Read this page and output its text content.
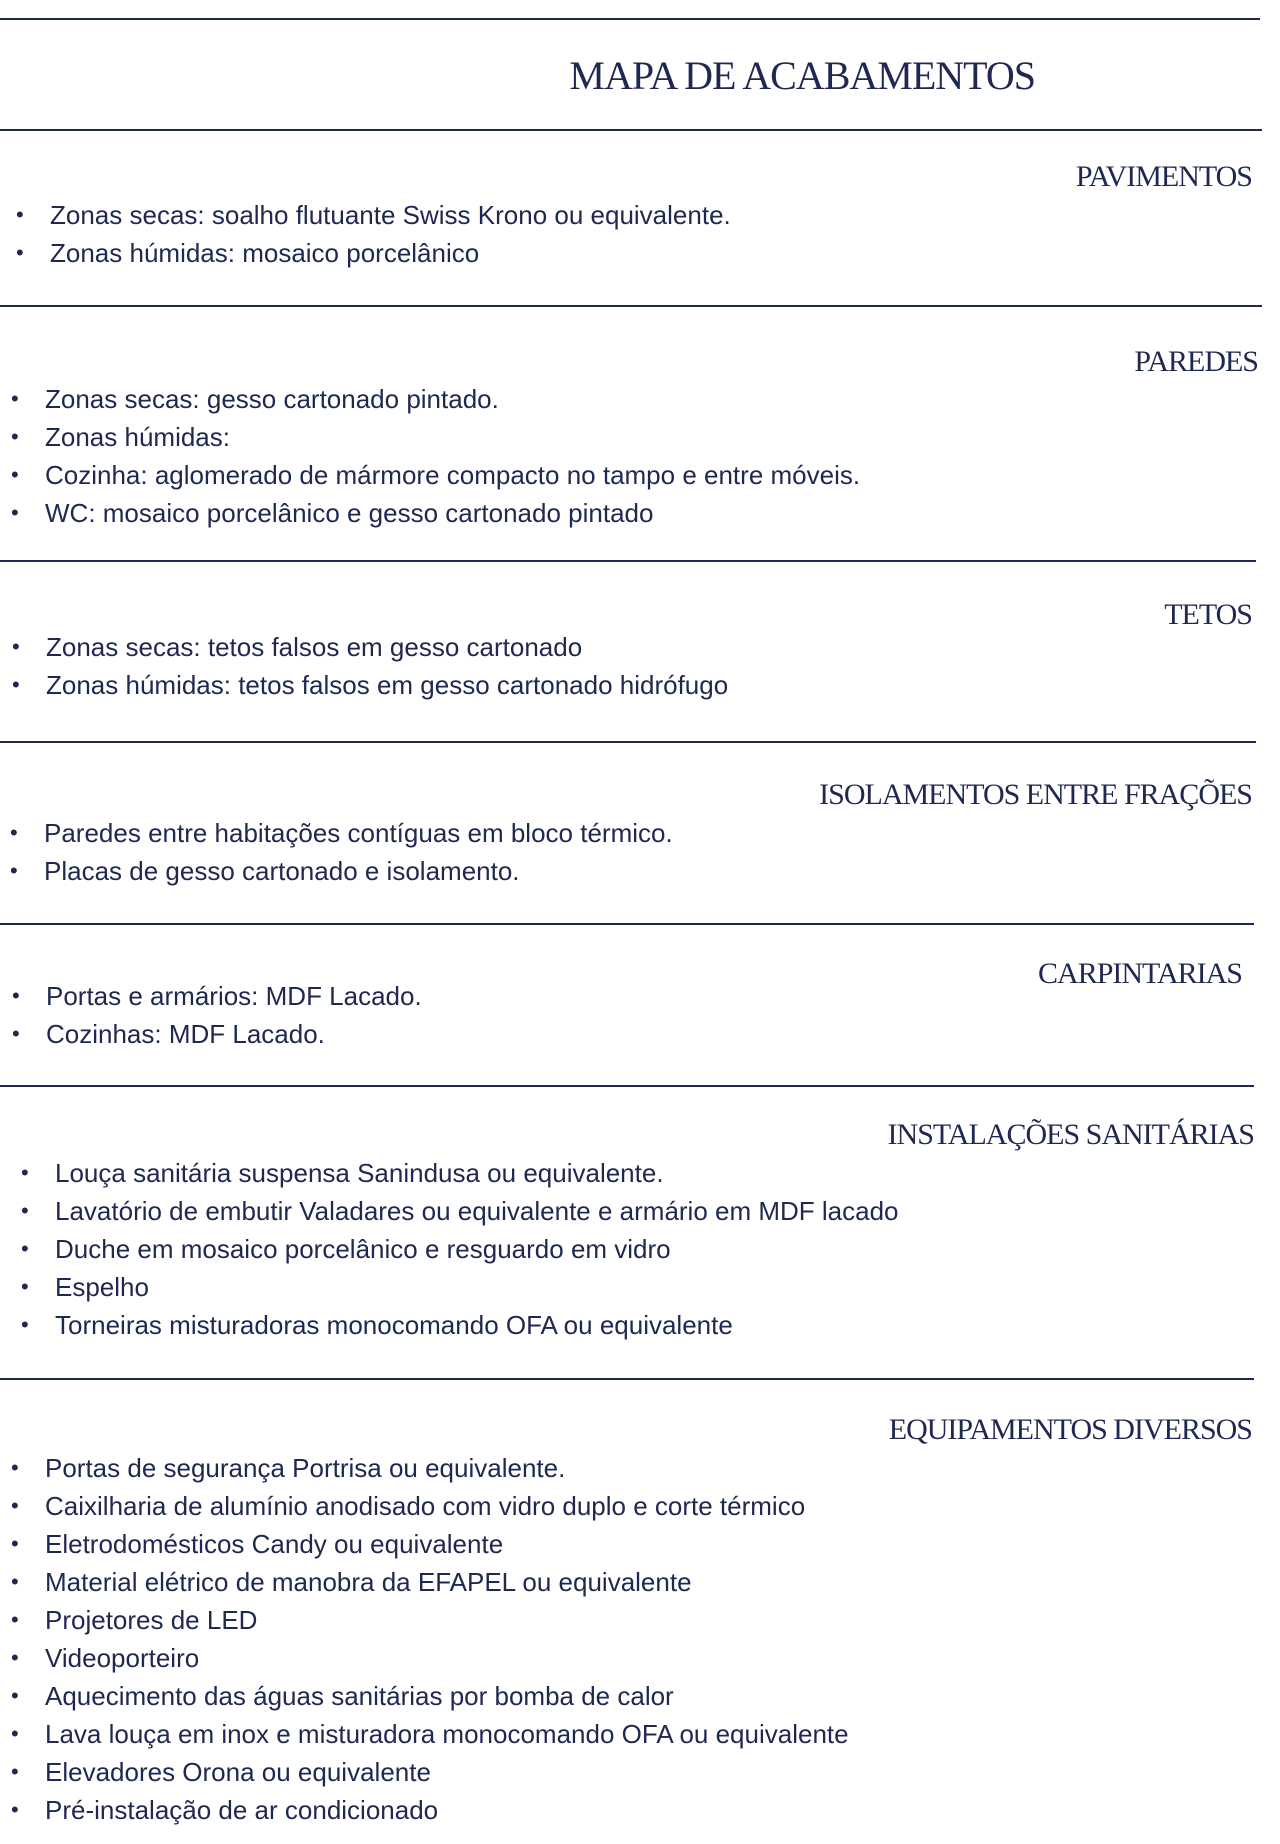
MAPA DE ACABAMENTOS
PAVIMENTOS
• Zonas secas: soalho flutuante Swiss Krono ou equivalente.
• Zonas húmidas: mosaico porcelânico
PAREDES
• Zonas secas: gesso cartonado pintado.
• Zonas húmidas:
• Cozinha: aglomerado de mármore compacto no tampo e entre móveis.
• WC: mosaico porcelânico e gesso cartonado pintado
TETOS
• Zonas secas: tetos falsos em gesso cartonado
• Zonas húmidas: tetos falsos em gesso cartonado hidrófugo
ISOLAMENTOS ENTRE FRAÇÕES
• Paredes entre habitações contíguas em bloco térmico.
• Placas de gesso cartonado e isolamento.
CARPINTARIAS
• Portas e armários: MDF Lacado.
• Cozinhas: MDF Lacado.
INSTALAÇÕES SANITÁRIAS
• Louça sanitária suspensa Sanindusa ou equivalente.
• Lavatório de embutir Valadares ou equivalente e armário em MDF lacado
• Duche em mosaico porcelânico e resguardo em vidro
• Espelho
• Torneiras misturadoras monocomando OFA ou equivalente
EQUIPAMENTOS DIVERSOS
• Portas de segurança Portrisa ou equivalente.
• Caixilharia de alumínio anodisado com vidro duplo e corte térmico
• Eletrodomésticos Candy ou equivalente
• Material elétrico de manobra da EFAPEL ou equivalente
• Projetores de LED
• Videoporteiro
• Aquecimento das águas sanitárias por bomba de calor
• Lava louça em inox e misturadora monocomando OFA ou equivalente
• Elevadores Orona ou equivalente
• Pré-instalação de ar condicionado
